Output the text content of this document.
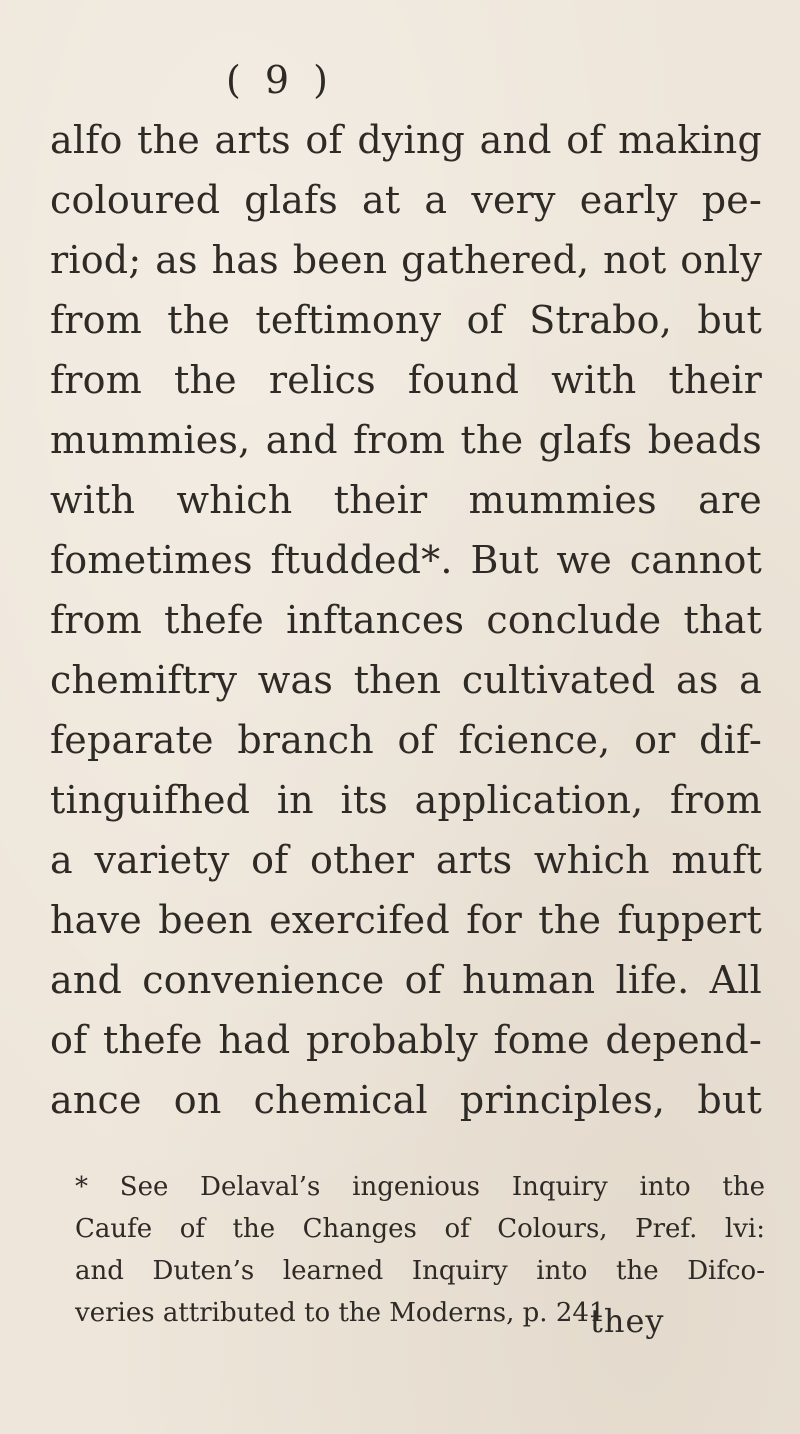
( 9 )
alfo the arts of dying and of making
coloured glafs at a very early pe-
riod; as has been gathered, not only
from the teftimony of Strabo, but
from the relics found with their
mummies, and from the glafs beads
with which their mummies are
fometimes ftudded*. But we cannot
from thefe inftances conclude that
chemiftry was then cultivated as a
feparate branch of fcience, or dif-
tinguifhed in its application, from
a variety of other arts which muft
have been exercifed for the fuppert
and convenience of human life. All
of thefe had probably fome depend-
ance on chemical principles, but
* See Delaval’s ingenious Inquiry into the
Caufe of the Changes of Colours, Pref. lvi:
and Duten’s learned Inquiry into the Difco-
veries attributed to the Moderns, p. 241.
they
